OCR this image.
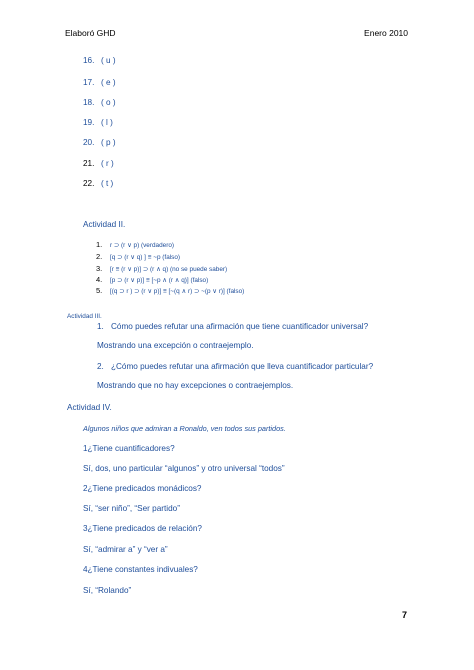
Elaboró GHD	Enero 2010
16. ( u )
17. ( e )
18. ( o )
19. ( l )
20. ( p )
21. ( r )
22. ( t )
Actividad II.
1. r ⊃ (r ∨ p) (verdadero)
2. [q ⊃ (r ∨ q) ] ≡ ~p (falso)
3. [r ≡ (r ∨ p)] ⊃ (r ∧ q) (no se puede saber)
4. [p ⊃ (r ∨ p)] ≡ [~p ∧ (r ∧ q)] (falso)
5. [(q ⊃ r ) ⊃ (r ∨ p)] ≡ [~(q ∧ r) ⊃ ~(p ∨ r)] (falso)
Actividad III.
1. Cómo puedes refutar una afirmación que tiene cuantificador universal?
Mostrando una excepción o contraejemplo.
2. ¿Cómo puedes refutar una afirmación que lleva cuantificador particular?
Mostrando que no hay excepciones o contraejemplos.
Actividad IV.
Algunos niños que admiran a Ronaldo, ven todos sus partidos.
1¿Tiene cuantificadores?
Sí, dos, uno particular “algunos” y otro universal “todos”
2¿Tiene predicados monádicos?
Sí, “ser niño”, “Ser partido”
3¿Tiene predicados de relación?
Sí, “admirar a” y “ver a”
4¿Tiene constantes indivuales?
Sí, “Rolando”
7
